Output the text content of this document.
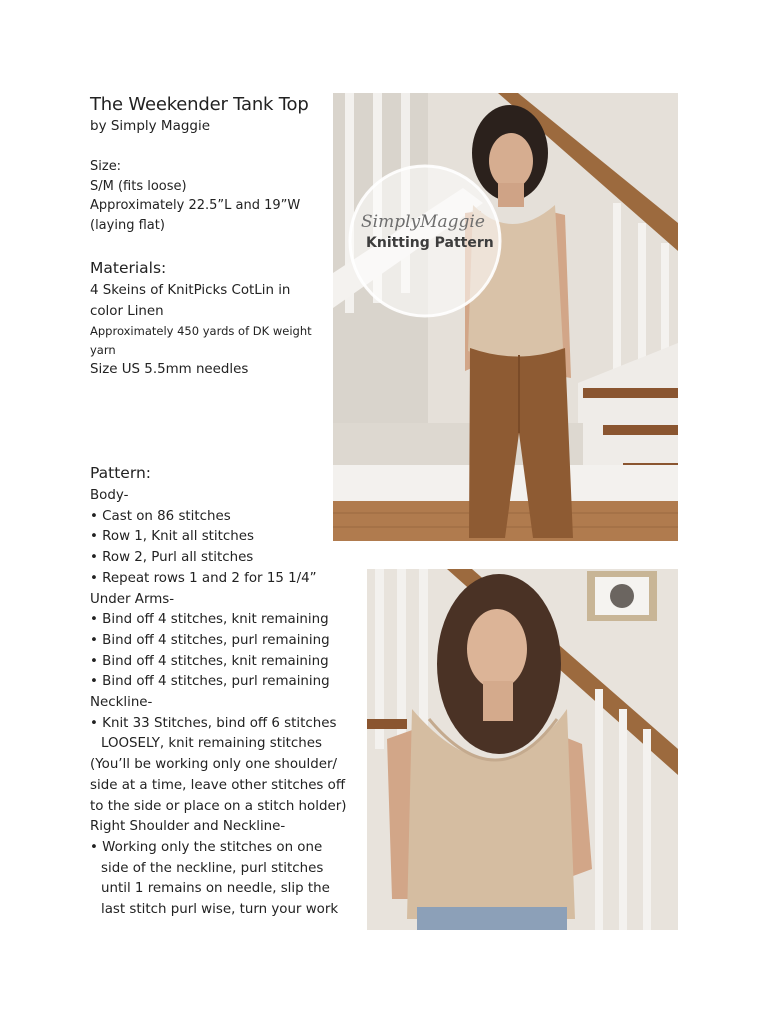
The Weekender Tank Top
by Simply Maggie
Size:
S/M (fits loose)
Approximately 22.5”L and 19”W
(laying flat)
Materials:
4 Skeins of KnitPicks CotLin in
color Linen
Approximately 450 yards of DK weight
yarn
Size US 5.5mm needles
Pattern:
Body-
• Cast on 86 stitches
• Row 1, Knit all stitches
• Row 2, Purl all stitches
• Repeat rows 1 and 2 for 15 1/4”
Under Arms-
• Bind off 4 stitches, knit remaining
• Bind off 4 stitches, purl remaining
• Bind off 4 stitches, knit remaining
• Bind off 4 stitches, purl remaining
Neckline-
• Knit 33 Stitches, bind off 6 stitches
LOOSELY, knit remaining stitches
(You’ll be working only one shoulder/
side at a time, leave other stitches off
to the side or place on a stitch holder)
Right Shoulder and Neckline-
• Working only the stitches on one
side of the neckline, purl stitches
until 1 remains on needle, slip the
last stitch purl wise, turn your work
SimplyMaggie
Knitting Pattern
